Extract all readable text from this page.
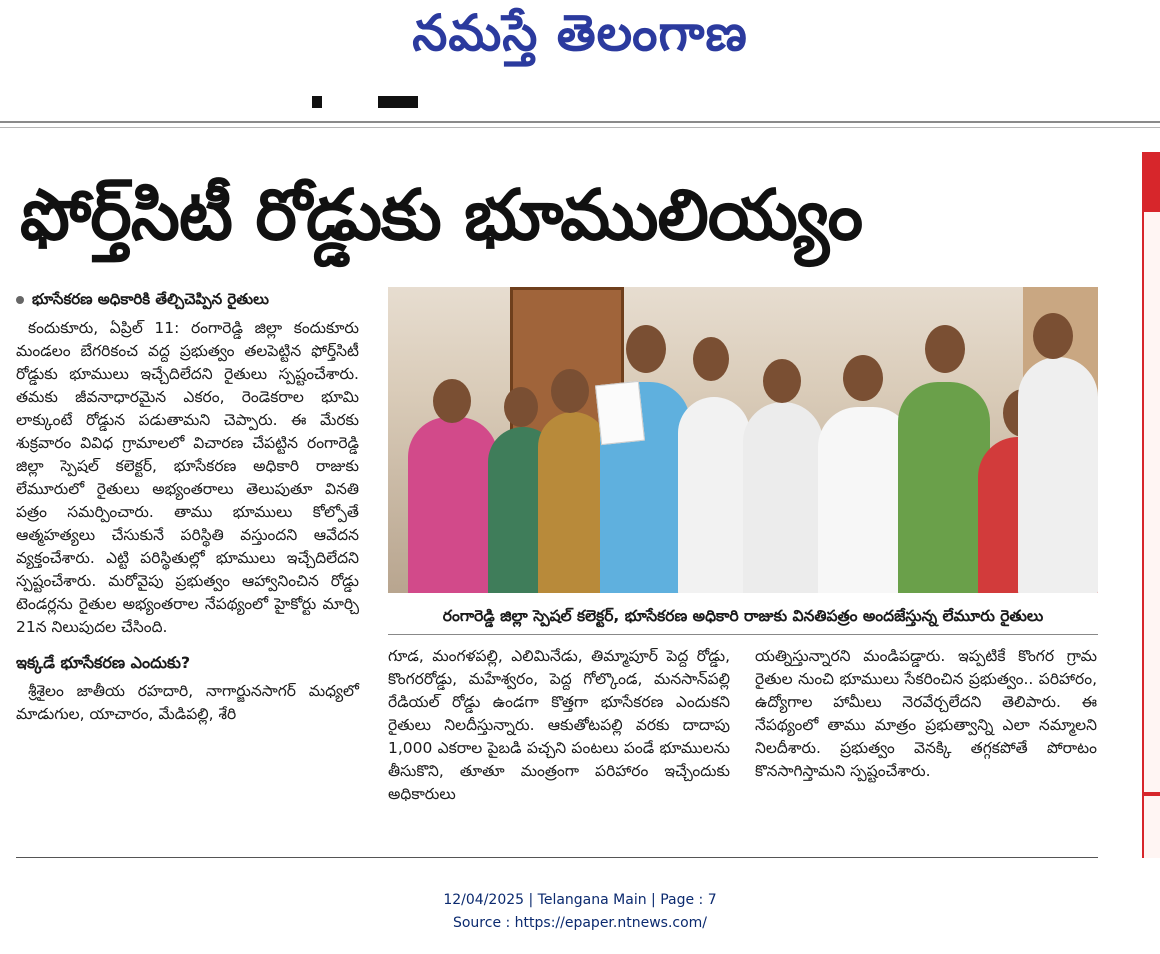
నమస్తే తెలంగాణ
ఫోర్త్‌సిటీ రోడ్డుకు భూములియ్యం

భూసేకరణ అధికారికి తేల్చిచెప్పిన రైతులు

కందుకూరు, ఏప్రిల్ 11: రంగారెడ్డి జిల్లా కందుకూరు మండలం బేగరికంచ వద్ద ప్రభుత్వం తలపెట్టిన ఫోర్త్‌సిటీ రోడ్డుకు భూములు ఇచ్చేదిలేదని రైతులు స్పష్టంచేశారు. తమకు జీవనాధారమైన ఎకరం, రెండెకరాల భూమి లాక్కుంటే రోడ్డున పడుతామని చెప్పారు. ఈ మేరకు శుక్రవారం వివిధ గ్రామాలలో విచారణ చేపట్టిన రంగారెడ్డి జిల్లా స్పెషల్ కలెక్టర్, భూసేకరణ అధికారి రాజుకు లేమూరులో రైతులు అభ్యంతరాలు తెలుపుతూ వినతి పత్రం సమర్పించారు. తాము భూములు కోల్పోతే ఆత్మహత్యలు చేసుకునే పరిస్థితి వస్తుందని ఆవేదన వ్యక్తంచేశారు. ఎట్టి పరిస్థితుల్లో భూములు ఇచ్చేదిలేదని స్పష్టంచేశారు. మరోవైపు ప్రభుత్వం ఆహ్వానించిన రోడ్డు టెండర్లను రైతుల అభ్యంతరాల నేపథ్యంలో హైకోర్టు మార్చి 21న నిలుపుదల చేసింది.

ఇక్కడే భూసేకరణ ఎందుకు?

శ్రీశైలం జాతీయ రహదారి, నాగార్జునసాగర్ మధ్యలో మాడుగుల, యాచారం, మేడిపల్లి, శేరి

రంగారెడ్డి జిల్లా స్పెషల్ కలెక్టర్, భూసేకరణ అధికారి రాజుకు వినతిపత్రం అందజేస్తున్న లేమూరు రైతులు

గూడ, మంగళపల్లి, ఎలిమినేడు, తిమ్మాపూర్ పెద్ద రోడ్డు, కొంగరరోడ్డు, మహేశ్వరం, పెద్ద గోల్కొండ, మనసాన్‌పల్లి రేడియల్ రోడ్డు ఉండగా కొత్తగా భూసేకరణ ఎందుకని రైతులు నిలదీస్తున్నారు. ఆకుతోటపల్లి వరకు దాదాపు 1,000 ఎకరాల పైబడి పచ్చని పంటలు పండే భూములను తీసుకొని, తూతూ మంత్రంగా పరిహారం ఇచ్చేందుకు అధికారులు

యత్నిస్తున్నారని మండిపడ్డారు. ఇప్పటికే కొంగర గ్రామ రైతుల నుంచి భూములు సేకరించిన ప్రభుత్వం.. పరిహారం, ఉద్యోగాల హామీలు నెరవేర్చలేదని తెలిపారు. ఈ నేపథ్యంలో తాము మాత్రం ప్రభుత్వాన్ని ఎలా నమ్మాలని నిలదీశారు. ప్రభుత్వం వెనక్కి తగ్గకపోతే పోరాటం కొనసాగిస్తామని స్పష్టంచేశారు.

12/04/2025 | Telangana Main | Page : 7
Source : https://epaper.ntnews.com/
